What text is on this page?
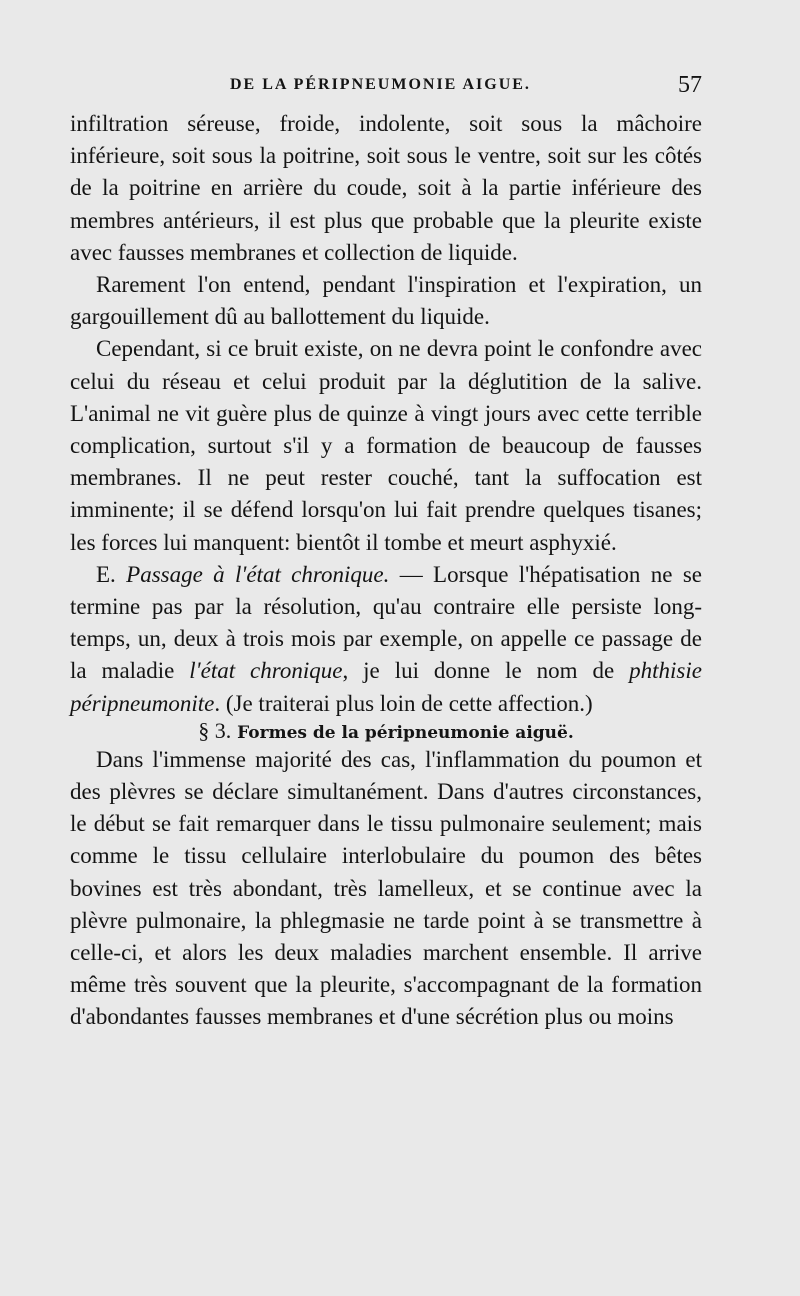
DE LA PÉRIPNEUMONIE AIGUE.	57

infiltration séreuse, froide, indolente, soit sous la mâchoire inférieure, soit sous la poitrine, soit sous le ventre, soit sur les côtés de la poitrine en arrière du coude, soit à la partie inférieure des membres antérieurs, il est plus que probable que la pleurite existe avec fausses membranes et collection de liquide.

Rarement l'on entend, pendant l'inspiration et l'expiration, un gargouillement dû au ballottement du liquide.

Cependant, si ce bruit existe, on ne devra point le confondre avec celui du réseau et celui produit par la déglutition de la salive. L'animal ne vit guère plus de quinze à vingt jours avec cette terrible complication, surtout s'il y a formation de beaucoup de fausses membranes. Il ne peut rester couché, tant la suffocation est imminente; il se défend lorsqu'on lui fait prendre quelques tisanes; les forces lui manquent: bientôt il tombe et meurt asphyxié.

E. Passage à l'état chronique. — Lorsque l'hépatisation ne se termine pas par la résolution, qu'au contraire elle persiste long-temps, un, deux à trois mois par exemple, on appelle ce passage de la maladie l'état chronique, je lui donne le nom de phthisie péripneumonite. (Je traiterai plus loin de cette affection.)

§ 3. Formes de la péripneumonie aiguë.

Dans l'immense majorité des cas, l'inflammation du poumon et des plèvres se déclare simultanément. Dans d'autres circonstances, le début se fait remarquer dans le tissu pulmonaire seulement; mais comme le tissu cellulaire interlobulaire du poumon des bêtes bovines est très abondant, très lamelleux, et se continue avec la plèvre pulmonaire, la phlegmasie ne tarde point à se transmettre à celle-ci, et alors les deux maladies marchent ensemble. Il arrive même très souvent que la pleurite, s'accompagnant de la formation d'abondantes fausses membranes et d'une sécrétion plus ou moins
